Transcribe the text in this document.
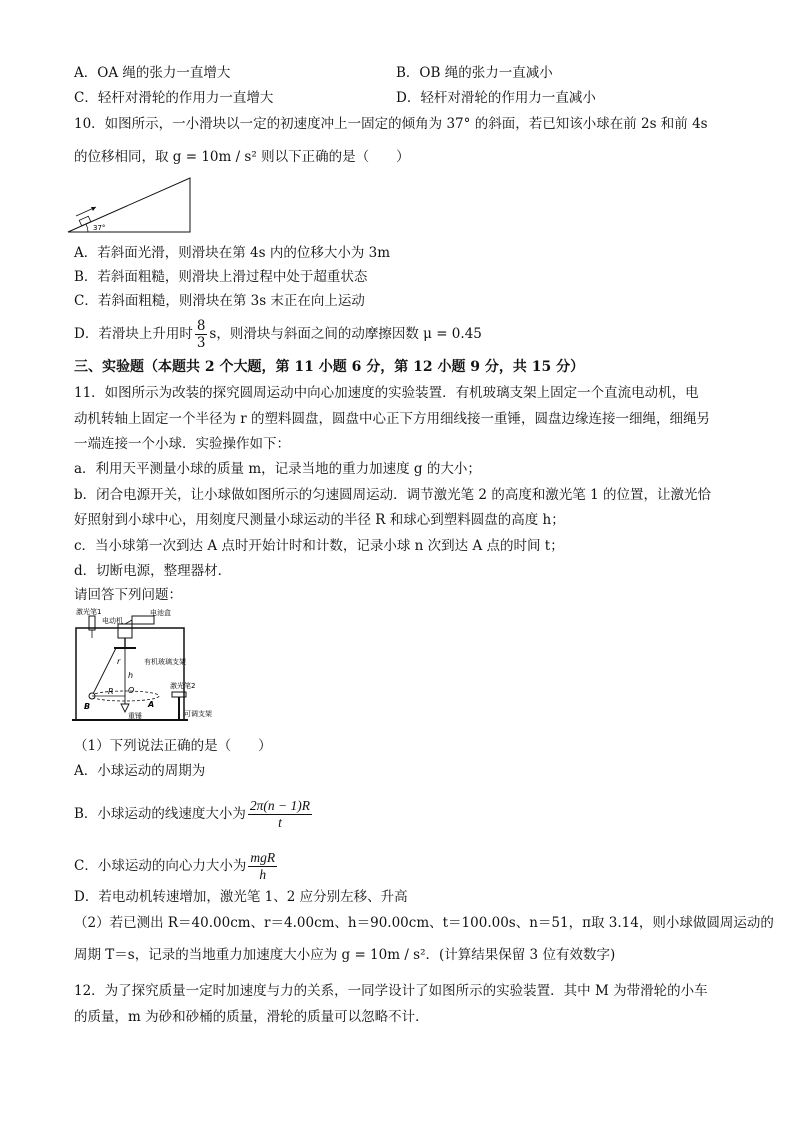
A．OA 绳的张力一直增大	B．OB 绳的张力一直减小
C．轻杆对滑轮的作用力一直增大	D．轻杆对滑轮的作用力一直减小
10．如图所示，一小滑块以一定的初速度冲上一固定的倾角为 37° 的斜面，若已知该小球在前 2s 和前 4s
的位移相同，取 g = 10m / s² 则以下正确的是（　　）
37°
A．若斜面光滑，则滑块在第 4s 内的位移大小为 3m
B．若斜面粗糙，则滑块上滑过程中处于超重状态
C．若斜面粗糙，则滑块在第 3s 末正在向上运动
D．若滑块上升用时 $\frac{8}{3}$ s，则滑块与斜面之间的动摩擦因数 μ = 0.45
三、实验题（本题共 2 个大题，第 11 小题 6 分，第 12 小题 9 分，共 15 分）
11．如图所示为改装的探究圆周运动中向心加速度的实验装置．有机玻璃支架上固定一个直流电动机，电
动机转轴上固定一个半径为 r 的塑料圆盘，圆盘中心正下方用细线接一重锤，圆盘边缘连接一细绳，细绳另
一端连接一个小球．实验操作如下：
a．利用天平测量小球的质量 m，记录当地的重力加速度 g 的大小；
b．闭合电源开关，让小球做如图所示的匀速圆周运动．调节激光笔 2 的高度和激光笔 1 的位置，让激光恰
好照射到小球中心，用刻度尺测量小球运动的半径 R 和球心到塑料圆盘的高度 h；
c．当小球第一次到达 A 点时开始计时和计数，记录小球 n 次到达 A 点的时间 t；
d．切断电源，整理器材．
请回答下列问题：
激光笔1
电动机
电池盒
r
h
O
R
B	A
重锤
有机玻璃支架
激光笔2
可调支架
（1）下列说法正确的是（　　）
A．小球运动的周期为
B．小球运动的线速度大小为 $\frac{2\pi(n - 1)R}{t}$
C．小球运动的向心力大小为 $\frac{\text{mgR}}{h}$
D．若电动机转速增加，激光笔 1、2 应分别左移、升高
（2）若已测出 R＝40.00cm、r＝4.00cm、h＝90.00cm、t＝100.00s、n＝51，π取 3.14，则小球做圆周运动的
周期 T＝s，记录的当地重力加速度大小应为 g = 10m / s²．(计算结果保留 3 位有效数字)
12．为了探究质量一定时加速度与力的关系，一同学设计了如图所示的实验装置．其中 M 为带滑轮的小车
的质量，m 为砂和砂桶的质量，滑轮的质量可以忽略不计．
